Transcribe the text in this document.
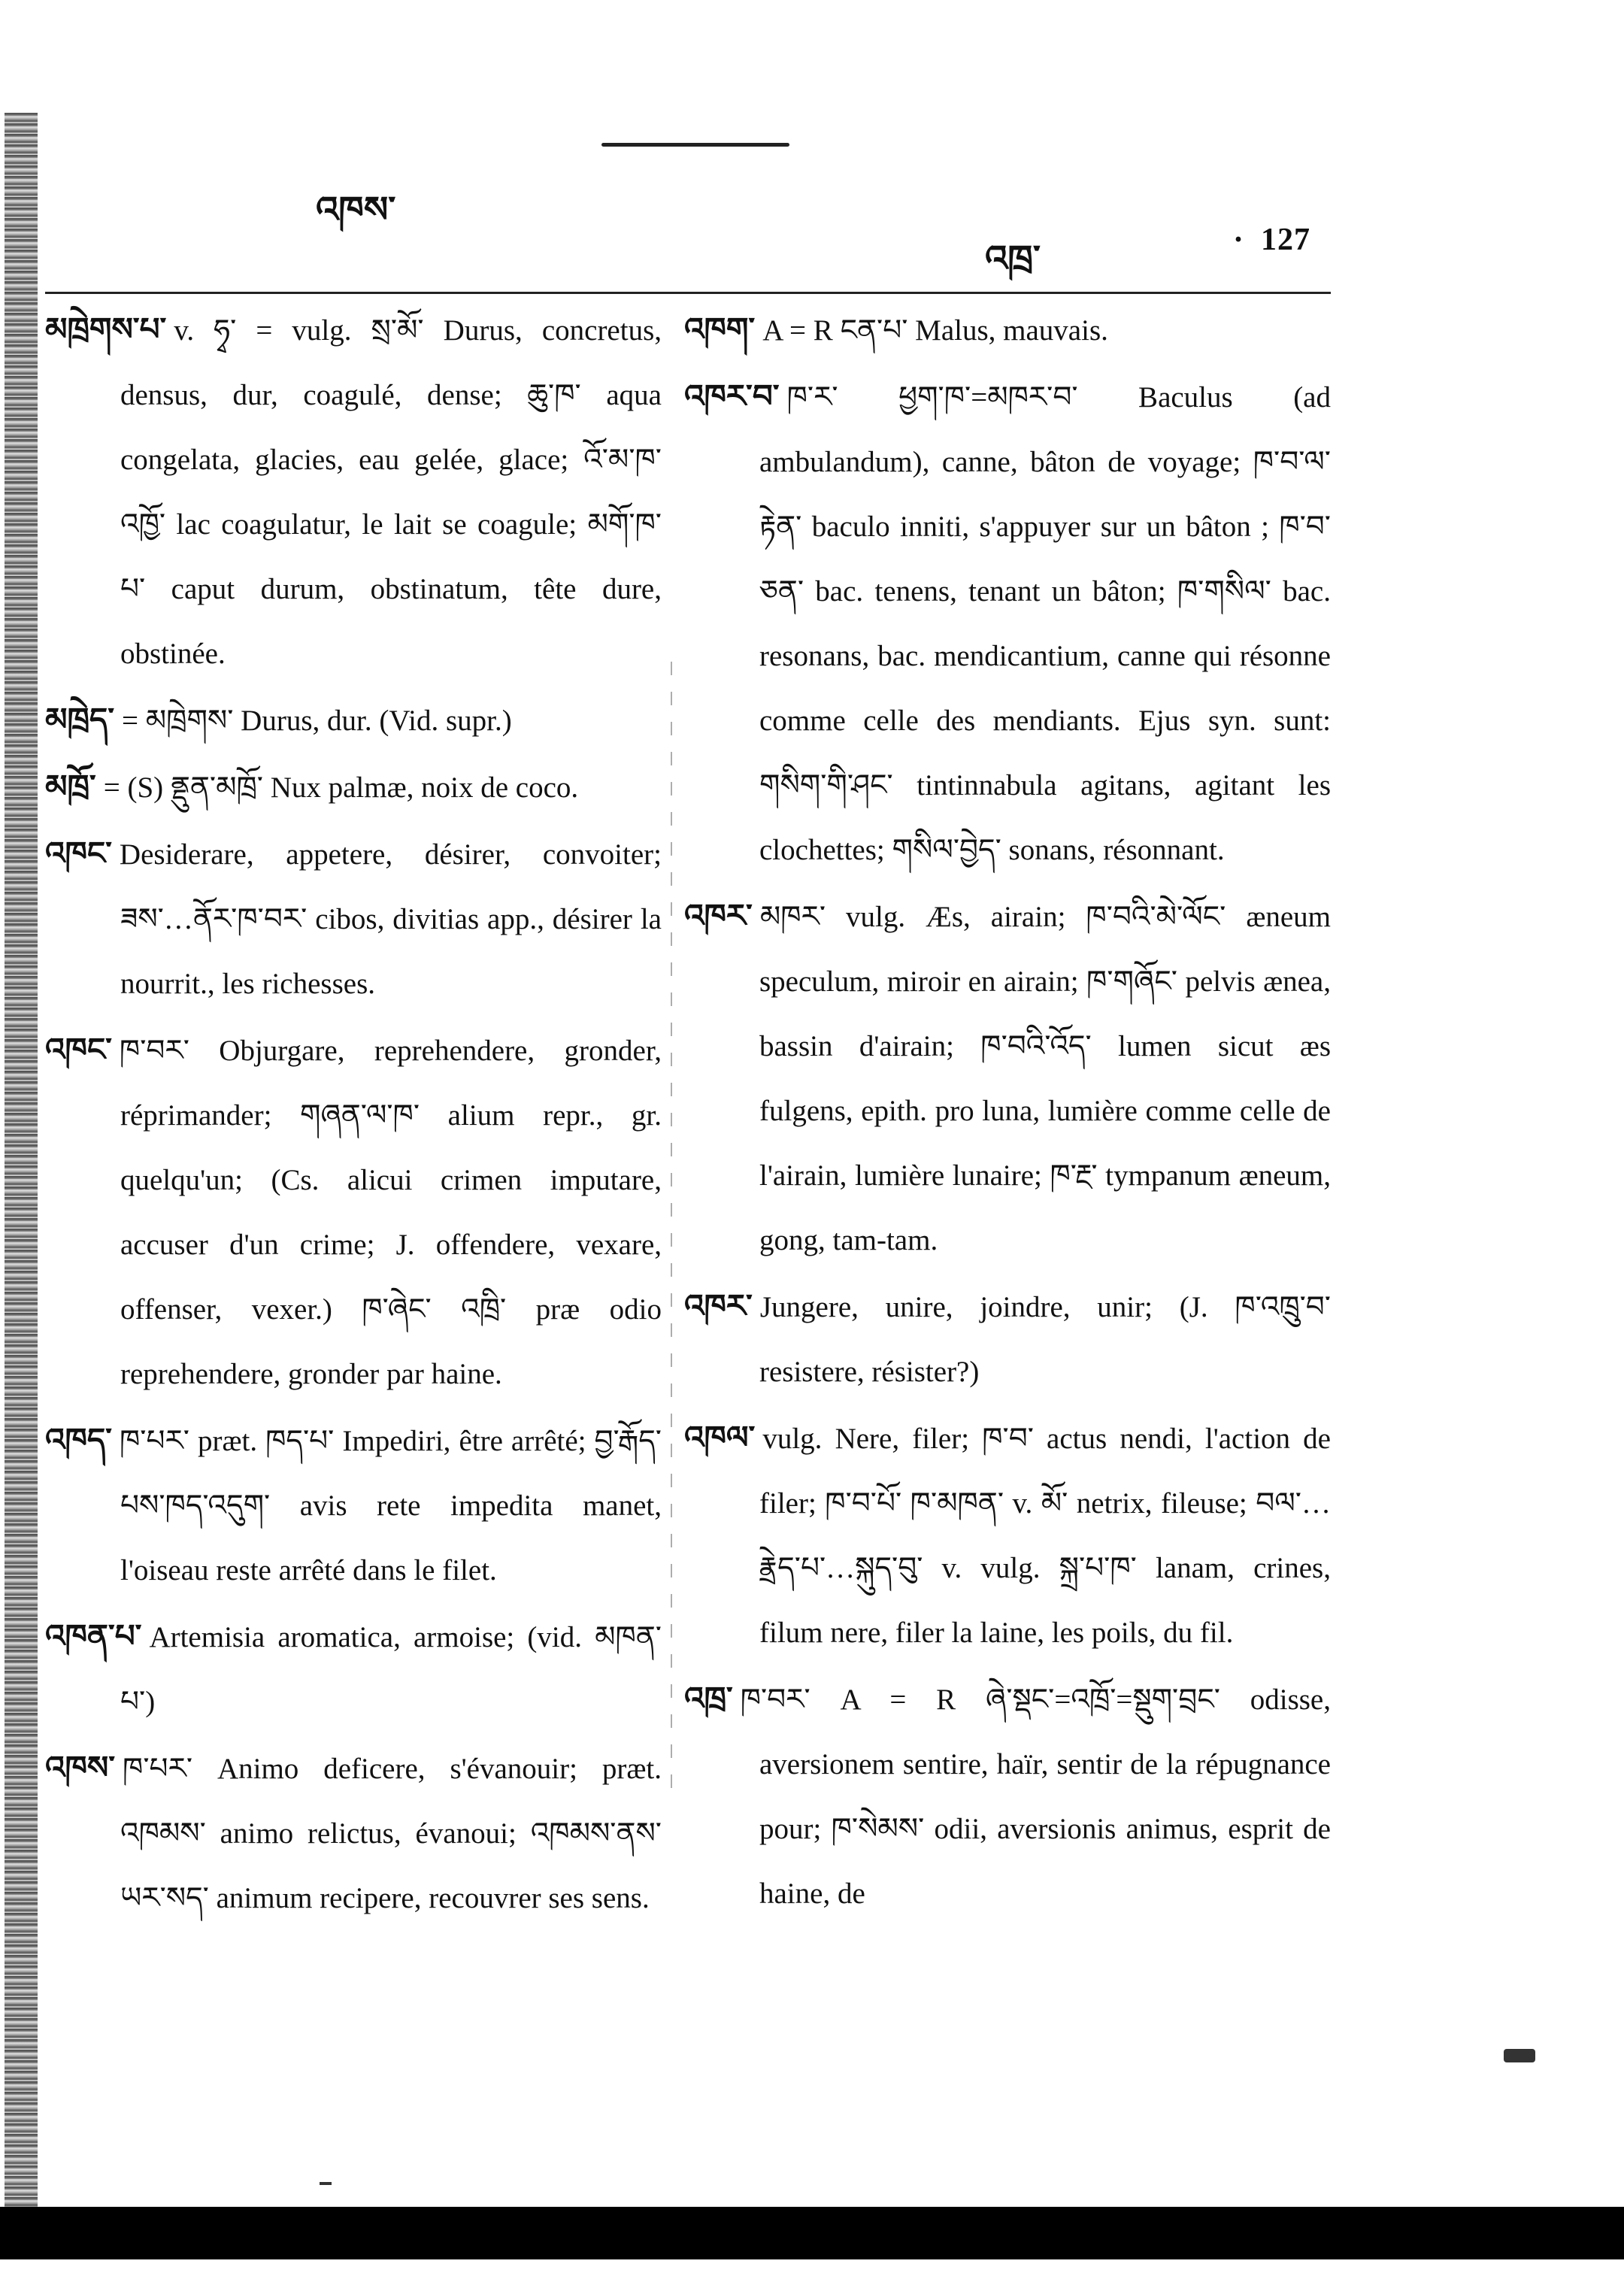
འཁས་
འཁྲ་	· 127

མཁྲེགས་པ་ v. ཧྭ་ = vulg. སྲ་མོ་ Durus, concretus, densus, dur, coagulé, dense; ཆུ་ཁ་ aqua congelata, glacies, eau gelée, glace; འོ་མ་ཁ་འཁྱོ་ lac coagulatur, le lait se coagule; མགོ་ཁ་པ་ caput durum, obstinatum, tête dure, obstinée.

མཁྲེད་ = མཁྲེགས་ Durus, dur. (Vid. supr.)

མཁྲོ་ = (S) ནྡུན་མཁྲོ་ Nux palmæ, noix de coco.

འཁང་ Desiderare, appetere, désirer, convoiter; ཟས་…ནོར་ཁ་བར་ cibos, divitias app., désirer la nourrit., les richesses.

འཁང་ ཁ་བར་ Objurgare, reprehendere, gronder, réprimander; གཞན་ལ་ཁ་ alium repr., gr. quelqu'un; (Cs. alicui crimen imputare, accuser d'un crime; J. offendere, vexare, offenser, vexer.) ཁ་ཞེང་ འཁྲི་ præ odio reprehendere, gronder par haine.

འཁད་ ཁ་པར་ præt. ཁད་པ་ Impediri, être arrêté; བྱ་རྒོད་པས་ཁད་འདུག་ avis rete impedita manet, l'oiseau reste arrêté dans le filet.

འཁན་པ་ Artemisia aromatica, armoise; (vid. མཁན་པ་)

འཁས་ ཁ་པར་ Animo deficere, s'évanouir; præt. འཁམས་ animo relictus, évanoui; འཁམས་ནས་ཡར་སད་ animum recipere, recouvrer ses sens.

འཁག་ A = R ངན་པ་ Malus, mauvais.

འཁར་བ་ ཁ་ར་ ཕྱག་ཁ་=མཁར་བ་ Baculus (ad ambulandum), canne, bâton de voyage; ཁ་བ་ལ་རྟེན་ baculo inniti, s'appuyer sur un bâton ; ཁ་བ་ཅན་ bac. tenens, tenant un bâton; ཁ་གསིལ་ bac. resonans, bac. mendicantium, canne qui résonne comme celle des mendiants. Ejus syn. sunt: གསིག་གི་ཤང་ tintinnabula agitans, agitant les clochettes; གསིལ་བྱེད་ sonans, résonnant.

འཁར་ མཁར་ vulg. Æs, airain; ཁ་བའི་མེ་ལོང་ æneum speculum, miroir en airain; ཁ་གཞོང་ pelvis ænea, bassin d'airain; ཁ་བའི་འོད་ lumen sicut æs fulgens, epith. pro luna, lumière comme celle de l'airain, lumière lunaire; ཁ་རྔ་ tympanum æneum, gong, tam-tam.

འཁར་ Jungere, unire, joindre, unir; (J. ཁ་འཁྲུ་བ་ resistere, résister?)

འཁལ་ vulg. Nere, filer; ཁ་བ་ actus nendi, l'action de filer; ཁ་བ་པོ་ ཁ་མཁན་ v. མོ་ netrix, fileuse; བལ་…རྣྲེད་པ་…སྐུད་བུ་ v. vulg. སྐྲ་པ་ཁ་ lanam, crines, filum nere, filer la laine, les poils, du fil.

འཁྲ་ ཁ་བར་ A = R ཞེ་སྡང་=འཁྲོ་=སྡུག་བྲང་ odisse, aversionem sentire, haïr, sentir de la répugnance pour; ཁ་སེམས་ odii, aversionis animus, esprit de haine, de
